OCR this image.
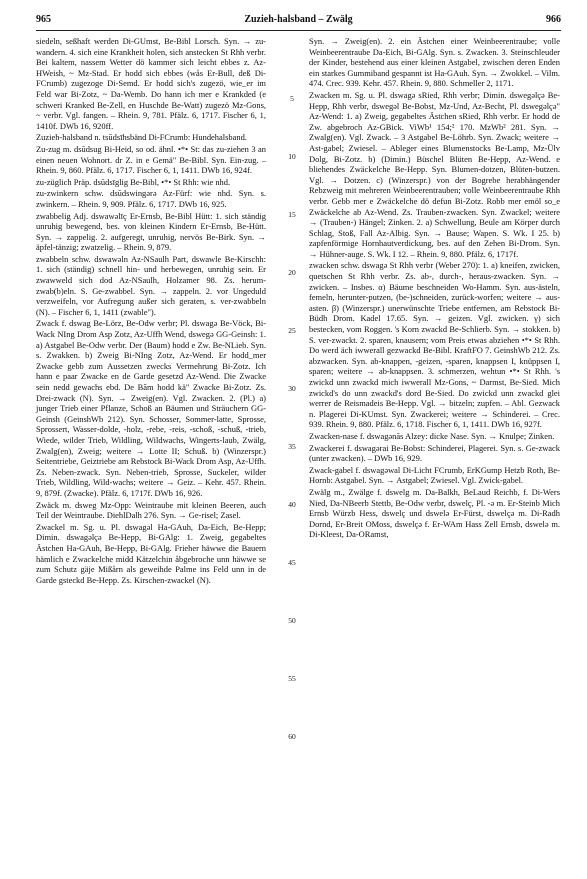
965	Zuzieh-halsband – Zwälg	966

siedeln, seßhaft werden Di-GUmst, Be-Bibl Lorsch. Syn. → zu-wandern. 4. sich eine Krankheit holen, sich anstecken St Rhh verbr. Bei kaltem, nassem Wetter dö kammer sich leicht ebbes z. Az-HWeish, ~ Mz-Stad. Er hodd sich ebbes (wås Er-Bull, deß Di-FCrumb) zugezoge Di-Semd. Er hodd sich's zugezö, wie_er im Feld war Bi-Zotz, ~ Da-Wemb. Do hann ich mer e Krankded (e schweri Kranked Be-Zell, en Huschde Be-Watt) zugezö Mz-Gons, ~ verbr. Vgl. fangen. – Rhein. 9, 781. Pfälz. 6, 1717. Fischer 6, 1, 1410f. DWb 16, 920ff.

Zuzieh-halsband n. tsūdsīhsbänd Di-FCrumb: Hundehalsband.

Zu-zug m. dsūdsug Bi-Heid, so od. ähnl. •*• St: das zu-ziehen 3 an einen neuen Wohnort. dr Z. in e Gemä" Be-Bibl. Syn. Ein-zug. – Rhein. 9, 860. Pfälz. 6, 1717. Fischer 6, 1, 1411. DWb 16, 924f.

zu-züglich Präp. dsūdsīglig Be-Bibl, •*• St Rhh: wie nhd.

zu-zwinkern schw. dsūdswingərə Az-Fürf: wie nhd. Syn. s. zwinkern. – Rhein. 9, 909. Pfälz. 6, 1717. DWb 16, 925.

zwabbelig Adj. dswawəlīç Er-Ernsb, Be-Bibl Hütt: 1. sich ständig unruhig bewegend, bes. von kleinen Kindern Er-Ernsb, Be-Hütt. Syn. → zappelig. 2. aufgeregt, unruhig, nervös Be-Birk. Syn. → äpfel-tänzig; zwatzelig. – Rhein. 9, 879.

zwabbeln schw. dswawəln Az-NSaulh Part, dswawle Be-Kirschh: 1. sich (ständig) schnell hin- und herbewegen, unruhig sein. Er zwawweld sich dod Az-NSaulh, Holzamer 98. Zs. herum-zwab(b)eln. S. Ge-zwabbel. Syn. → zappeln. 2. vor Ungeduld verzweifeln, vor Aufregung außer sich geraten, s. ver-zwabbeln (N). – Fischer 6, 1, 1411 (zwable").

Zwack f. dswag Be-Lörz, Be-Odw verbr; Pl. dswagə Be-Vöck, Bi-Wack NIng Drom Asp Zotz, Az-Uffh Wend, dswegə GG-Geinsh: 1. a) Astgabel Be-Odw verbr. Der (Baum) hodd e Zw. Be-NLieb. Syn. s. Zwakken. b) Zweig Bi-NIng Zotz, Az-Wend. Er hodd_mer Zwacke gebb zum Aussetzen zwecks Vermehrung Bi-Zotz. Ich hann e paar Zwacke en de Garde gesetzd Az-Wend. Die Zwacke sein nedd gewachs ebd. De Bãm hodd kä" Zwacke Bi-Zotz. Zs. Drei-zwack (N). Syn. → Zweig(en). Vgl. Zwacken. 2. (Pl.) a) junger Trieb einer Pflanze, Schoß an Bäumen und Sträuchern GG-Geinsh (GeinshWb 212). Syn. Schosser, Sommer-latte, Sprosse, Sprossert, Wasser-dolde, -holz, -rebe, -reis, -schoß, -schuß, -trieb, Wiede, wilder Trieb, Wildling, Wildwachs, Wingerts-laub, Zwälg, Zwalg(en), Zweig; weitere → Lotte II; Schuß. b) (Winzerspr.) Seitentriebe, Geiztriebe am Rebstock Bi-Wack Drom Asp, Az-Uffh. Zs. Neben-zwack. Syn. Neben-trieb, Sprosse, Suckeler, wilder Trieb, Wildling, Wild-wachs; weitere → Geiz. – Kehr. 457. Rhein. 9, 879f. (Zwacke). Pfälz. 6, 1717f. DWb 16, 926.

Zwäck m. dsweg Mz-Opp: Weintraube mit kleinen Beeren, auch Teil der Weintraube. DiehlDalh 276. Syn. → Ge-risel; Zasel.

Zwackel m. Sg. u. Pl. dswagəl Ha-GAuh, Da-Eich, Be-Hepp; Dimin. dswagəlçə Be-Hepp, Bi-GAlg: 1. Zweig, gegabeltes Ästchen Ha-GAuh, Be-Hepp, Bi-GAlg. Frieher häwwe die Bauern hämlich e Zwackelche midd Kätzelchin åbgebroche unn häwwe se zum Schutz gäje Mißårn als geweihde Palme ins Feld unn in de Garde gsteckd Be-Hepp. Zs. Kirschen-zwackel (N).

5
10
15
20
25
30
35
40
45
50
55
60

Syn. → Zweig(en). 2. ein Ästchen einer Weinbeerentraube; volle Weinbeerentraube Da-Eich, Bi-GAlg. Syn. s. Zwacken. 3. Steinschleuder der Kinder, bestehend aus einer kleinen Astgabel, zwischen deren Enden ein starkes Gummiband gespannt ist Ha-GAuh. Syn. → Zwokkel. – Vilm. 474. Crec. 939. Kehr. 457. Rhein. 9, 880. Schmeller 2, 1171.

Zwacken m. Sg. u. Pl. dswagə sRied, Rhh verbr; Dimin. dswegəlçə Be-Hepp, Rhh verbr, dswegəl Be-Bobst, Mz-Und, Az-Becht, Pl. dswegəlçə" Az-Wend: 1. a) Zweig, gegabeltes Ästchen sRied, Rhh verbr. Er hodd de Zw. abgebroch Az-GBick. ViWb¹ 154;² 170. MzWb² 281. Syn. → Zwalg(en). Vgl. Zwack. – 3 Astgabel Be-Löhrb. Syn. Zwack; weitere → Ast-gabel; Zwiesel. – Ableger eines Blumenstocks Be-Lamp, Mz-Ülv Dolg, Bi-Zotz. b) (Dimin.) Büschel Blüten Be-Hepp, Az-Wend. e bliehendes Zwäckelche Be-Hepp. Syn. Blumen-dotzen, Blüten-butzen. Vgl. → Dotzen. c) (Winzerspr.) von der Bogrebe herabhängender Rebzweig mit mehreren Weinbeerentrauben; volle Weinbeerentraube Rhh verbr. Gebb mer e Zwäckelche dö defun Bi-Zotz. Robb mer emöl so_e Zwäckelche ab Az-Wend. Zs. Trauben-zwacken. Syn. Zwackel; weitere → (Trauben-) Hängel; Zinken. 2. a) Schwellung, Beule am Körper durch Schlag, Stoß, Fall Az-Albig. Syn. → Bause; Wapen. S. Wk. I 25. b) zapfenförmige Hornhautverdickung, bes. auf den Zehen Bi-Drom. Syn. → Hühner-auge. S. Wk. I 12. – Rhein. 9, 880. Pfälz. 6, 1717f.

zwacken schw. dswagə St Rhh verbr (Weber 270): 1. a) kneifen, zwicken, quetschen St Rhh verbr. Zs. ab-, durch-, heraus-zwacken. Syn. → zwicken. – Insbes. α) Bäume beschneiden Wo-Hamm. Syn. aus-ästeln, femeln, herunter-putzen, (be-)schneiden, zurück-worfen; weitere → aus-asten. β) (Winzerspr.) unerwünschte Triebe entfernen, am Rebstock Bi-Büdh Drom. Kadel 17.65. Syn. → geizen. Vgl. zwicken. γ) sich bestecken, vom Roggen. 's Korn zwackd Be-Schlierb. Syn. → stokken. b) S. ver-zwackt. 2. sparen, knausern; vom Preis etwas abziehen •*• St Rhh. Do werd äch iwwerall gezwackd Be-Bibl. KraftFO 7. GeinshWb 212. Zs. abzwacken. Syn. ab-knappen, -geizen, -sparen, knappsen I, knüppsen I, sparen; weitere → ab-knappsen. 3. schmerzen, wehtun •*• St Rhh. 's zwickd unn zwackd mich iwwerall Mz-Gons, ~ Darmst, Be-Sied. Mich zwickd's do unn zwackd's dord Be-Sied. Do zwickd unn zwackd glei werrer de Reismadeis Be-Hepp. Vgl. → bitzeln; zupfen. – Abl. Gezwack n. Plagerei Di-KUmst. Syn. Zwackerei; weitere → Schinderei. – Crec. 939. Rhein. 9, 880. Pfälz. 6, 1718. Fischer 6, 1, 1411. DWb 16, 927f.

Zwacken-nase f. dswagənās Alzey: dicke Nase. Syn. → Knulpe; Zinken.

Zwackerei f. dswagərai Be-Bobst: Schinderei, Plagerei. Syn. s. Ge-zwack (unter zwacken). – DWb 16, 929.

Zwack-gabel f. dswagəwal Di-Licht FCrumb, ErKGump Hetzb Roth, Be-Hornb: Astgabel. Syn. → Astgabel; Zwiesel. Vgl. Zwick-gabel.

Zwälg m., Zwälge f. dswelg m. Da-Balkh, BeLaud Reichb, f. Di-Wers Nied, Da-NBeerb Stettb, Be-Odw verbr, dswelç, Pl. -ə m. Er-Steinb Mich Ernsb Würzb Hess, dswelç und dswelə Er-Fürst, dswelçə m. Di-Radh Dornd, Er-Breit OMoss, dswelçə f. Er-WAm Hass Zell Ernsb, dswelə m. Di-Kleest, Da-ORamst,
